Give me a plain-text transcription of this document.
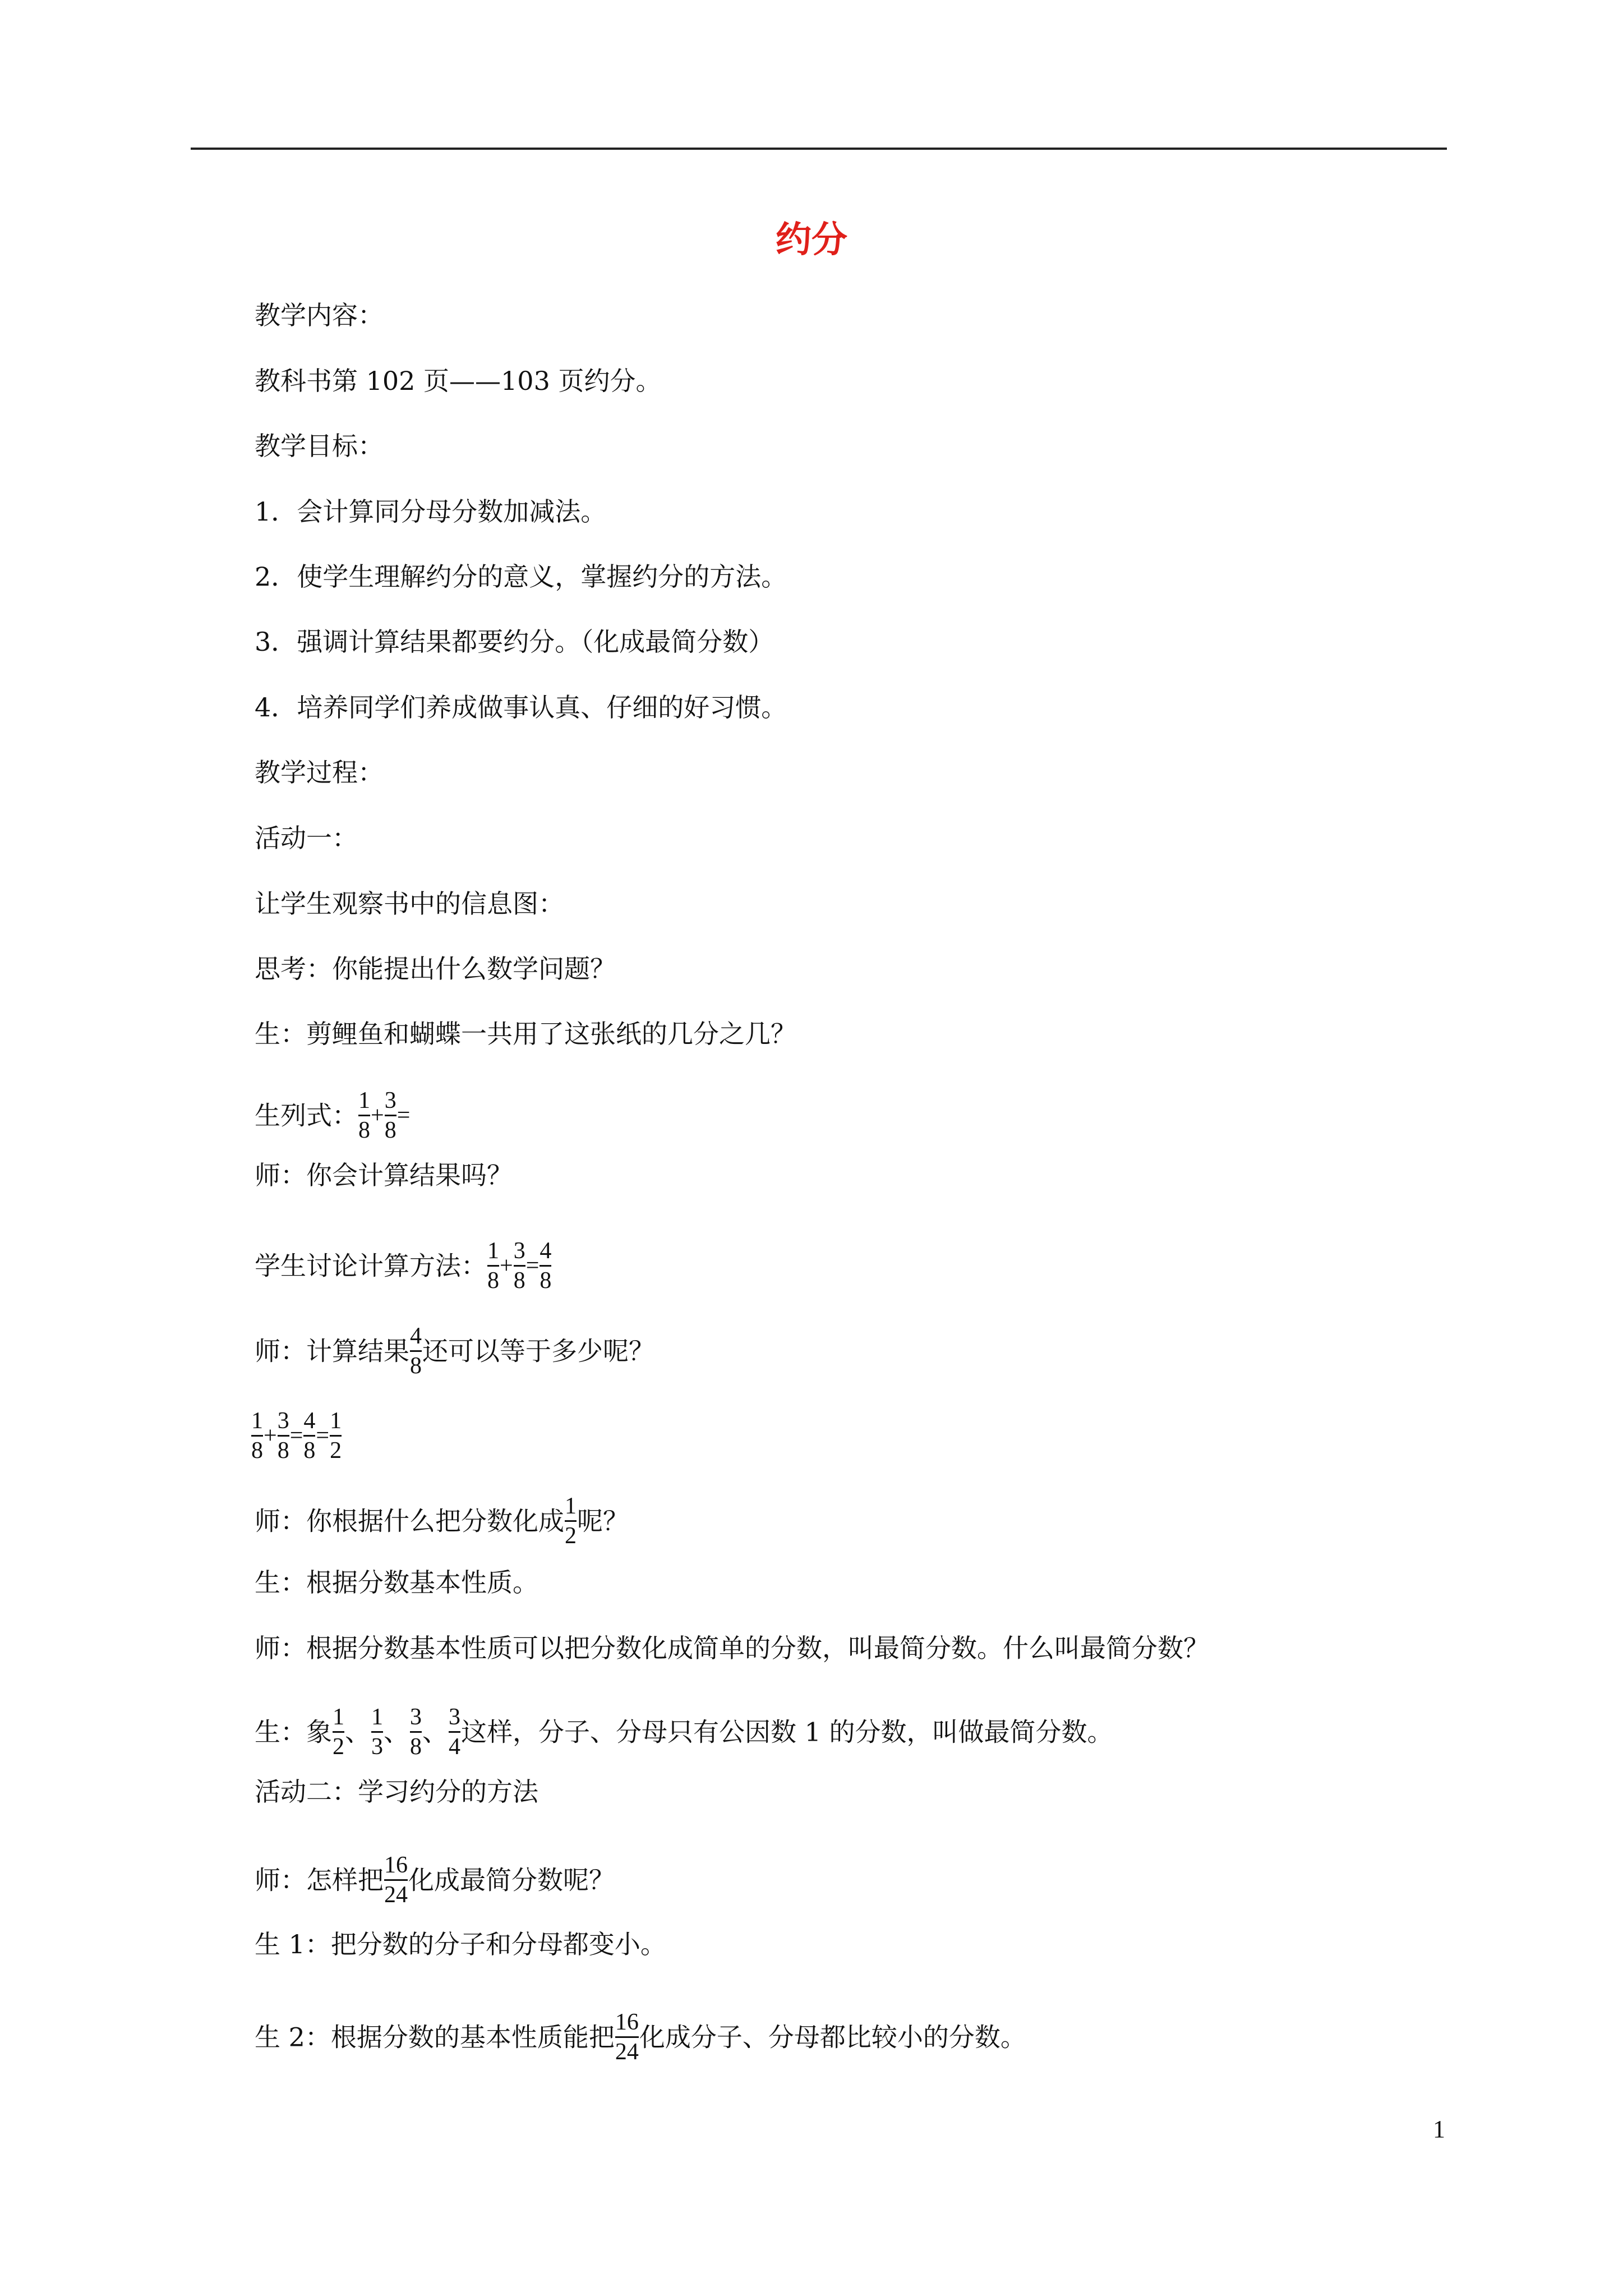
约分
教学内容：
教科书第 102 页——103 页约分。
教学目标：
1．会计算同分母分数加减法。
2．使学生理解约分的意义，掌握约分的方法。
3．强调计算结果都要约分。（化成最简分数）
4．培养同学们养成做事认真、仔细的好习惯。
教学过程：
活动一：
让学生观察书中的信息图：
思考：你能提出什么数学问题？
生：剪鲤鱼和蝴蝶一共用了这张纸的几分之几？
生列式： $\frac{1}{8} + \frac{3}{8}$ =
师：你会计算结果吗？
学生讨论计算方法： $\frac{1}{8} + \frac{3}{8} = \frac{4}{8}$
师：计算结果 $\frac{4}{8}$ 还可以等于多少呢？
$\frac{1}{8} + \frac{3}{8} = \frac{4}{8} = \frac{1}{2}$
师：你根据什么把分数化成 $\frac{1}{2}$ 呢？
生：根据分数基本性质。
师：根据分数基本性质可以把分数化成简单的分数，叫最简分数。什么叫最简分数？
生：象 $\frac{1}{2}$ 、 $\frac{1}{3}$ 、 $\frac{3}{8}$ 、 $\frac{3}{4}$ 这样，分子、分母只有公因数 1 的分数，叫做最简分数。
活动二：学习约分的方法
师：怎样把 $\frac{16}{24}$ 化成最简分数呢？
生 1：把分数的分子和分母都变小。
生 2：根据分数的基本性质能把 $\frac{16}{24}$ 化成分子、分母都比较小的分数。
1
